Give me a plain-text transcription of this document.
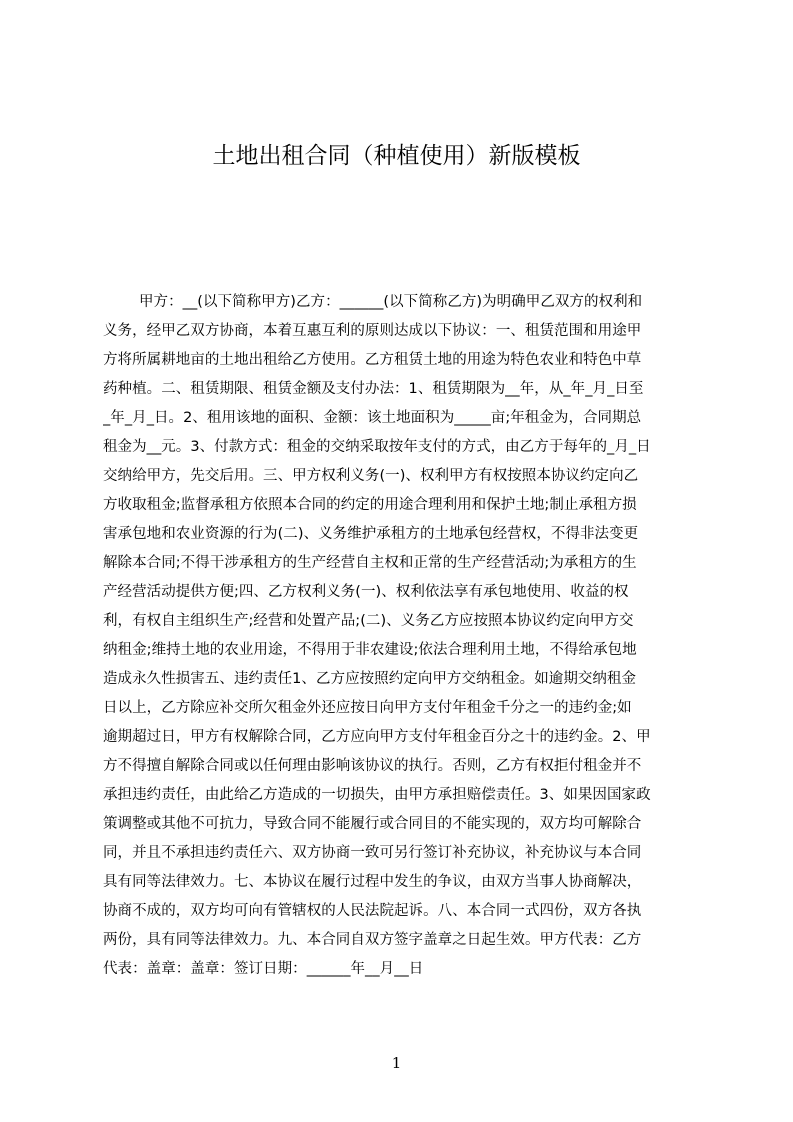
土地出租合同（种植使用）新版模板
甲方：__(以下简称甲方)乙方：______(以下简称乙方)为明确甲乙双方的权利和
义务，经甲乙双方协商，本着互惠互利的原则达成以下协议：一、租赁范围和用途甲
方将所属耕地亩的土地出租给乙方使用。乙方租赁土地的用途为特色农业和特色中草
药种植。二、租赁期限、租赁金额及支付办法：1、租赁期限为__年，从_年_月_日至
_年_月_日。2、租用该地的面积、金额：该土地面积为_____亩;年租金为，合同期总
租金为__元。3、付款方式：租金的交纳采取按年支付的方式，由乙方于每年的_月_日
交纳给甲方，先交后用。三、甲方权利义务(一)、权利甲方有权按照本协议约定向乙
方收取租金;监督承租方依照本合同的约定的用途合理利用和保护土地;制止承租方损
害承包地和农业资源的行为(二)、义务维护承租方的土地承包经营权，不得非法变更
解除本合同;不得干涉承租方的生产经营自主权和正常的生产经营活动;为承租方的生
产经营活动提供方便;四、乙方权利义务(一)、权利依法享有承包地使用、收益的权
利，有权自主组织生产;经营和处置产品;(二)、义务乙方应按照本协议约定向甲方交
纳租金;维持土地的农业用途，不得用于非农建设;依法合理利用土地，不得给承包地
造成永久性损害五、违约责任1、乙方应按照约定向甲方交纳租金。如逾期交纳租金
日以上，乙方除应补交所欠租金外还应按日向甲方支付年租金千分之一的违约金;如
逾期超过日，甲方有权解除合同，乙方应向甲方支付年租金百分之十的违约金。2、甲
方不得擅自解除合同或以任何理由影响该协议的执行。否则，乙方有权拒付租金并不
承担违约责任，由此给乙方造成的一切损失，由甲方承担赔偿责任。3、如果因国家政
策调整或其他不可抗力，导致合同不能履行或合同目的不能实现的，双方均可解除合
同，并且不承担违约责任六、双方协商一致可另行签订补充协议，补充协议与本合同
具有同等法律效力。七、本协议在履行过程中发生的争议，由双方当事人协商解决，
协商不成的，双方均可向有管辖权的人民法院起诉。八、本合同一式四份，双方各执
两份，具有同等法律效力。九、本合同自双方签字盖章之日起生效。甲方代表：乙方
代表：盖章：盖章：签订日期：______年__月__日
1
